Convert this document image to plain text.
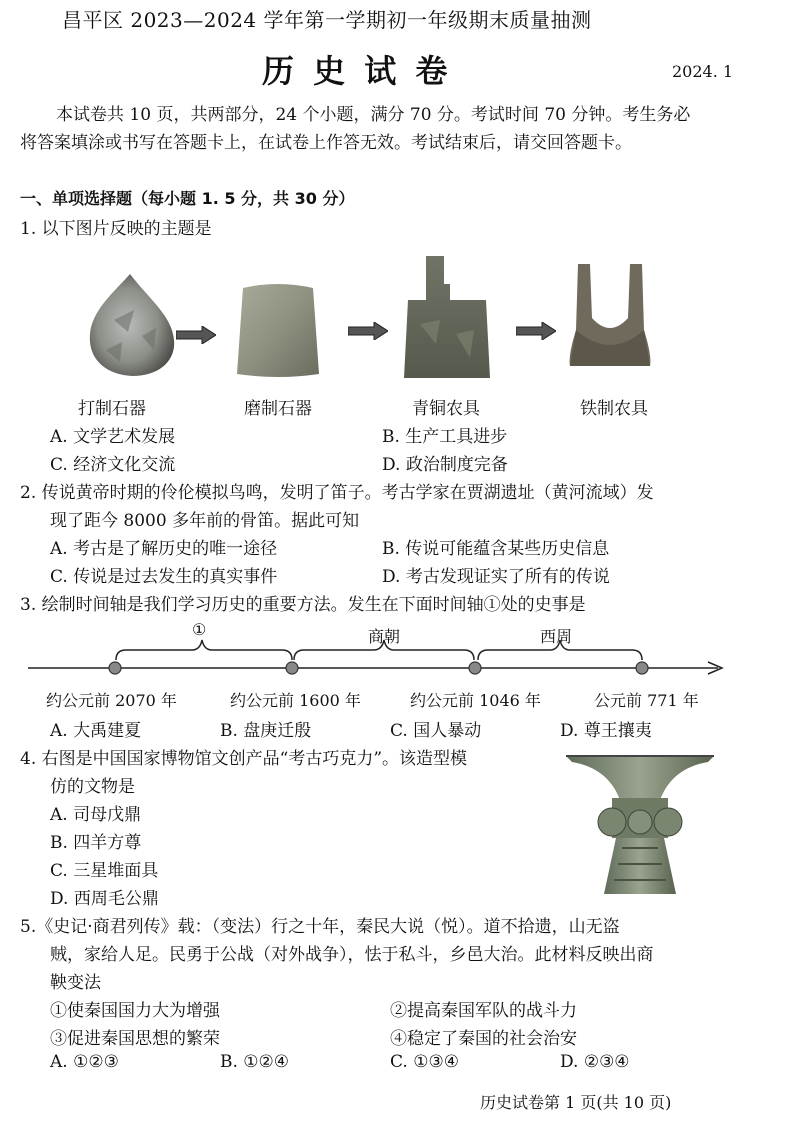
昌平区 2023—2024 学年第一学期初一年级期末质量抽测
历 史 试 卷	2024. 1
本试卷共 10 页，共两部分，24 个小题，满分 70 分。考试时间 70 分钟。考生务必
将答案填涂或书写在答题卡上，在试卷上作答无效。考试结束后，请交回答题卡。
一、单项选择题（每小题 1. 5 分，共 30 分）
1. 以下图片反映的主题是
打制石器	磨制石器	青铜农具	铁制农具
A. 文学艺术发展	B. 生产工具进步
C. 经济文化交流	D. 政治制度完备
2. 传说黄帝时期的伶伦模拟鸟鸣，发明了笛子。考古学家在贾湖遗址（黄河流域）发
现了距今 8000 多年前的骨笛。据此可知
A. 考古是了解历史的唯一途径	B. 传说可能蕴含某些历史信息
C. 传说是过去发生的真实事件	D. 考古发现证实了所有的传说
3. 绘制时间轴是我们学习历史的重要方法。发生在下面时间轴①处的史事是
①	商朝	西周
约公元前 2070 年	约公元前 1600 年	约公元前 1046 年	公元前 771 年
A. 大禹建夏	B. 盘庚迁殷	C. 国人暴动	D. 尊王攘夷
4. 右图是中国国家博物馆文创产品“考古巧克力”。该造型模
仿的文物是
A. 司母戊鼎
B. 四羊方尊
C. 三星堆面具
D. 西周毛公鼎
5.《史记·商君列传》载：（变法）行之十年，秦民大说（悦）。道不拾遗，山无盗
贼，家给人足。民勇于公战（对外战争），怯于私斗，乡邑大治。此材料反映出商
鞅变法
①使秦国国力大为增强	②提高秦国军队的战斗力
③促进秦国思想的繁荣	④稳定了秦国的社会治安
A. ①②③	B. ①②④	C. ①③④	D. ②③④
历史试卷第 1 页(共 10 页)
